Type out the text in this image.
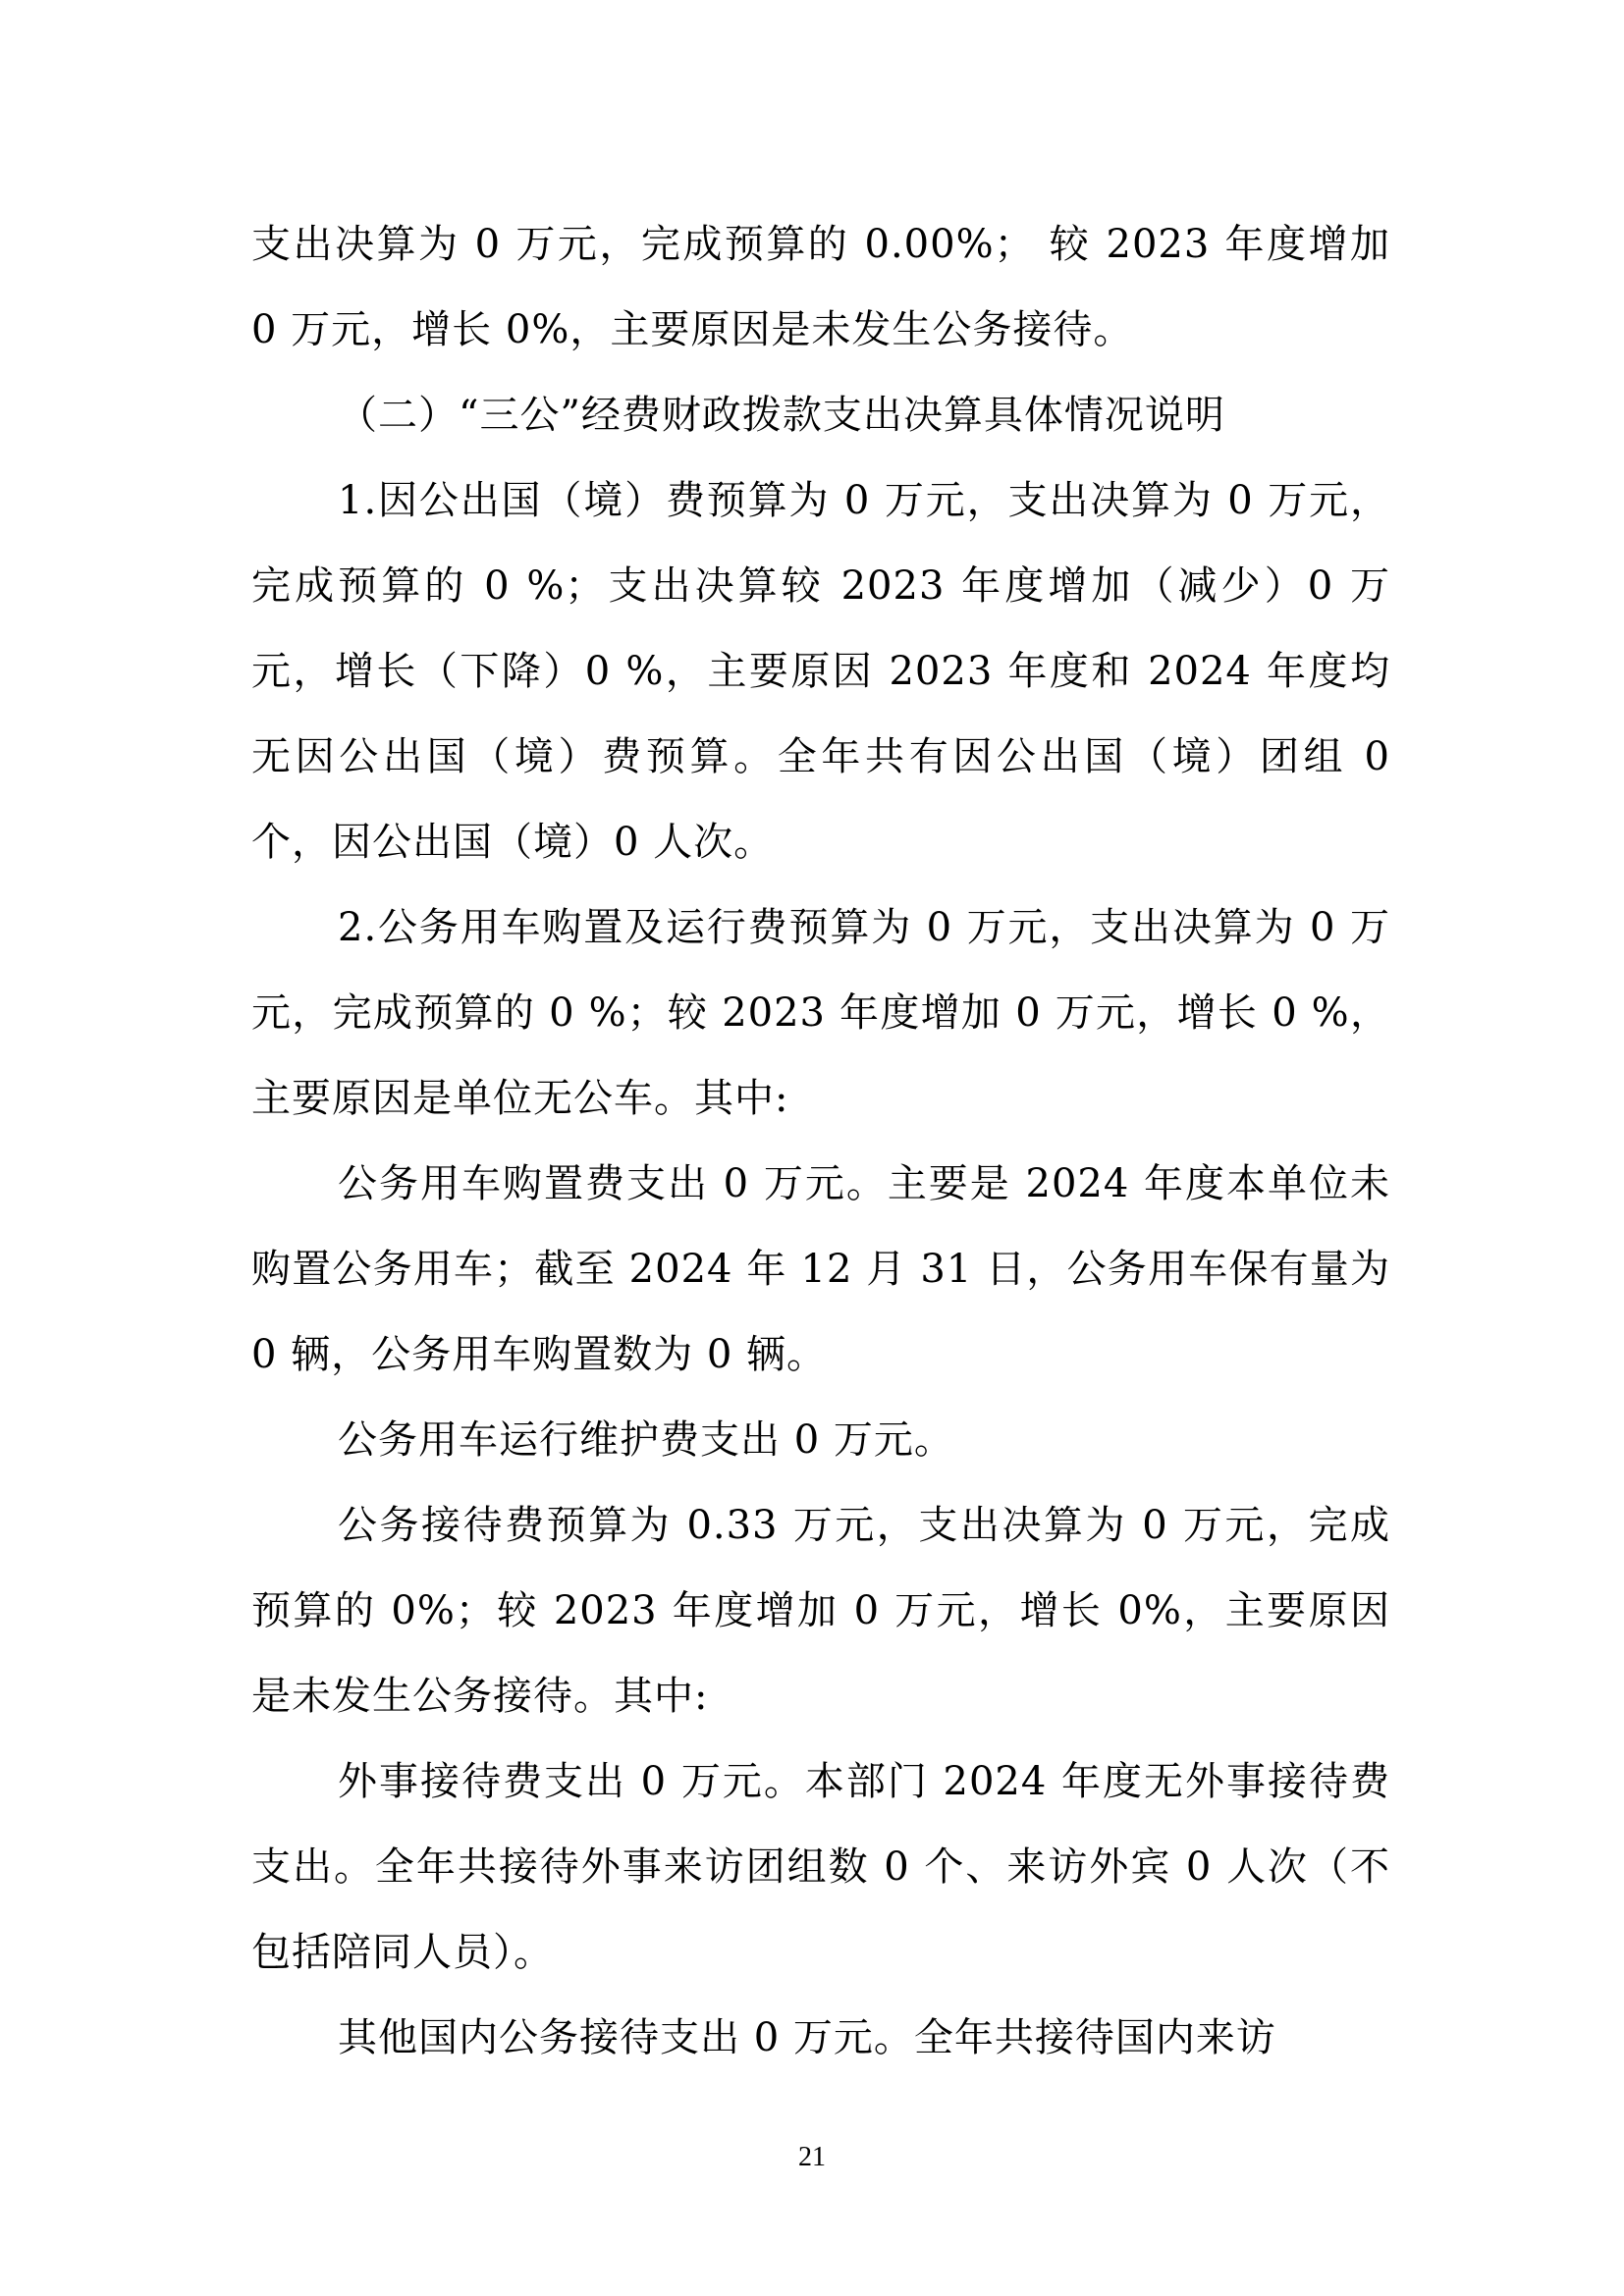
支出决算为 0 万元，完成预算的 0.00%； 较 2023 年度增加 0 万元，增长 0%，主要原因是未发生公务接待。

（二）“三公”经费财政拨款支出决算具体情况说明

1.因公出国（境）费预算为 0 万元，支出决算为 0 万元，完成预算的 0 %；支出决算较 2023 年度增加（减少）0 万元，增长（下降）0 %，主要原因 2023 年度和 2024 年度均无因公出国（境）费预算。全年共有因公出国（境）团组 0 个，因公出国（境）0 人次。

2.公务用车购置及运行费预算为 0 万元，支出决算为 0 万元，完成预算的 0 %；较 2023 年度增加 0 万元，增长 0 %，主要原因是单位无公车。其中:

公务用车购置费支出 0 万元。主要是 2024 年度本单位未购置公务用车；截至 2024 年 12 月 31 日，公务用车保有量为 0 辆，公务用车购置数为 0 辆。

公务用车运行维护费支出 0 万元。

公务接待费预算为 0.33 万元，支出决算为 0 万元，完成预算的 0%；较 2023 年度增加 0 万元，增长 0%，主要原因是未发生公务接待。其中:

外事接待费支出 0 万元。本部门 2024 年度无外事接待费支出。全年共接待外事来访团组数 0 个、来访外宾 0 人次（不包括陪同人员）。

其他国内公务接待支出 0 万元。全年共接待国内来访

21
